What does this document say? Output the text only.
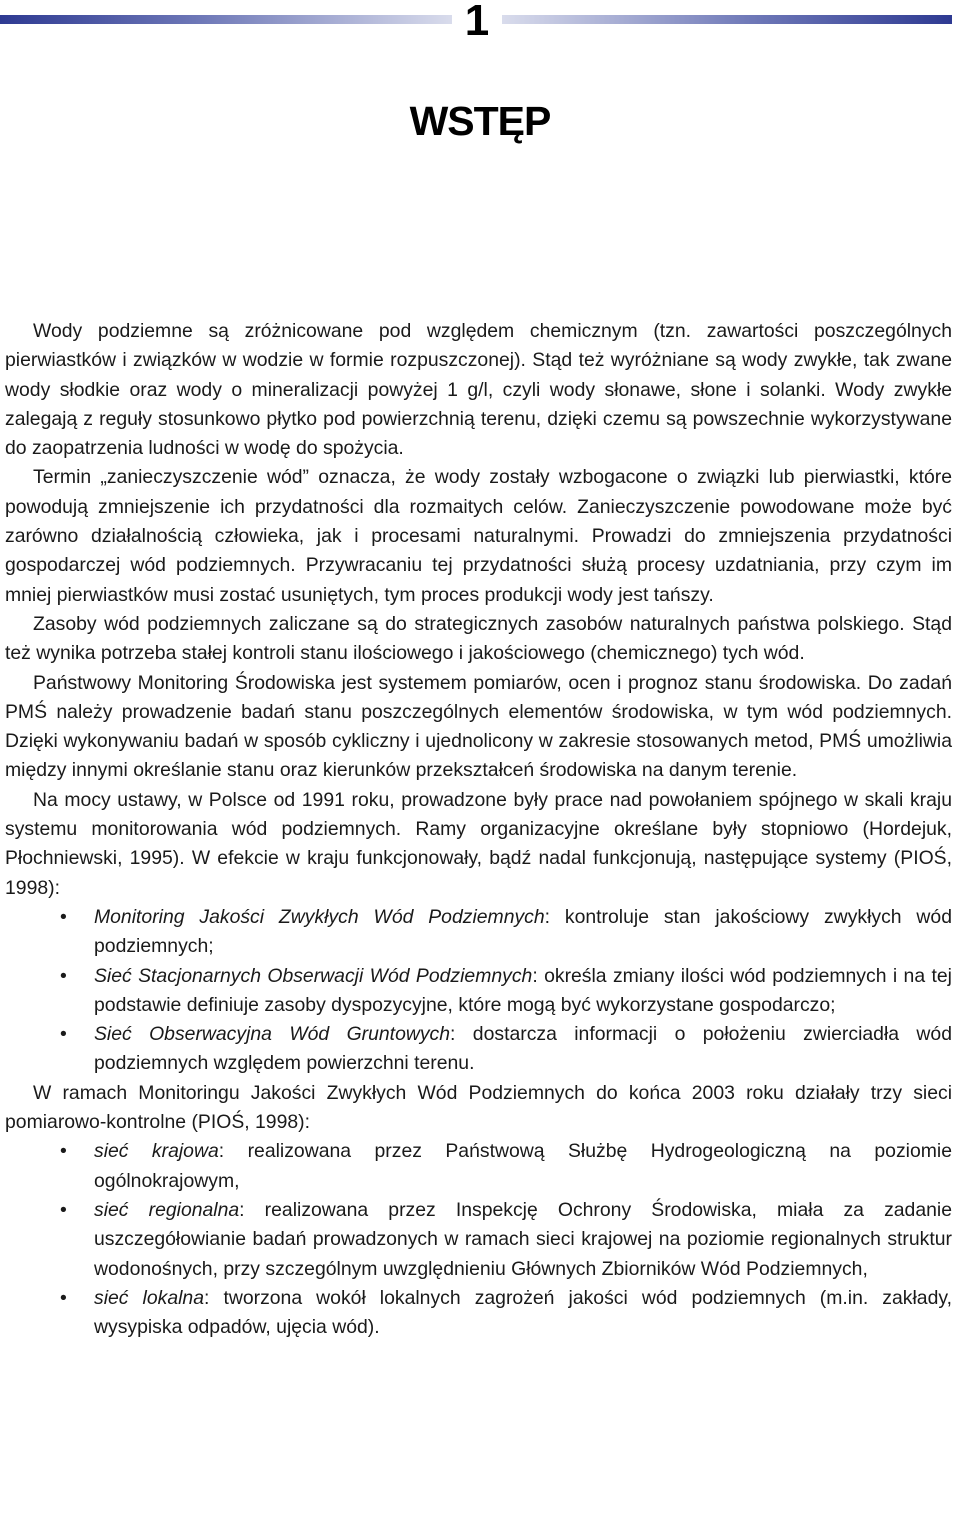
1
WSTĘP

Wody podziemne są zróżnicowane pod względem chemicznym (tzn. zawartości poszczególnych pierwiastków i związków w wodzie w formie rozpuszczonej). Stąd też wyróżniane są wody zwykłe, tak zwane wody słodkie oraz wody o mineralizacji powyżej 1 g/l, czyli wody słonawe, słone i solanki. Wody zwykłe zalegają z reguły stosunkowo płytko pod powierzchnią terenu, dzięki czemu są powszechnie wykorzystywane do zaopatrzenia ludności w wodę do spożycia.

Termin „zanieczyszczenie wód” oznacza, że wody zostały wzbogacone o związki lub pierwiastki, które powodują zmniejszenie ich przydatności dla rozmaitych celów. Zanieczyszczenie powodowane może być zarówno działalnością człowieka, jak i procesami naturalnymi. Prowadzi do zmniejszenia przydatności gospodarczej wód podziemnych. Przywracaniu tej przydatności służą procesy uzdatniania, przy czym im mniej pierwiastków musi zostać usuniętych, tym proces produkcji wody jest tańszy.

Zasoby wód podziemnych zaliczane są do strategicznych zasobów naturalnych państwa polskiego. Stąd też wynika potrzeba stałej kontroli stanu ilościowego i jakościowego (chemicznego) tych wód.

Państwowy Monitoring Środowiska jest systemem pomiarów, ocen i prognoz stanu środowiska. Do zadań PMŚ należy prowadzenie badań stanu poszczególnych elementów środowiska, w tym wód podziemnych. Dzięki wykonywaniu badań w sposób cykliczny i ujednolicony w zakresie stosowanych metod, PMŚ umożliwia między innymi określanie stanu oraz kierunków przekształceń środowiska na danym terenie.

Na mocy ustawy, w Polsce od 1991 roku, prowadzone były prace nad powołaniem spójnego w skali kraju systemu monitorowania wód podziemnych. Ramy organizacyjne określane były stopniowo (Hordejuk, Płochniewski, 1995). W efekcie w kraju funkcjonowały, bądź nadal funkcjonują, następujące systemy (PIOŚ, 1998):

• Monitoring Jakości Zwykłych Wód Podziemnych: kontroluje stan jakościowy zwykłych wód podziemnych;
• Sieć Stacjonarnych Obserwacji Wód Podziemnych: określa zmiany ilości wód podziemnych i na tej podstawie definiuje zasoby dyspozycyjne, które mogą być wykorzystane gospodarczo;
• Sieć Obserwacyjna Wód Gruntowych: dostarcza informacji o położeniu zwierciadła wód podziemnych względem powierzchni terenu.

W ramach Monitoringu Jakości Zwykłych Wód Podziemnych do końca 2003 roku działały trzy sieci pomiarowo-kontrolne (PIOŚ, 1998):

• sieć krajowa: realizowana przez Państwową Służbę Hydrogeologiczną na poziomie ogólnokrajowym,
• sieć regionalna: realizowana przez Inspekcję Ochrony Środowiska, miała za zadanie uszczegółowianie badań prowadzonych w ramach sieci krajowej na poziomie regionalnych struktur wodonośnych, przy szczególnym uwzględnieniu Głównych Zbiorników Wód Podziemnych,
• sieć lokalna: tworzona wokół lokalnych zagrożeń jakości wód podziemnych (m.in. zakłady, wysypiska odpadów, ujęcia wód).
